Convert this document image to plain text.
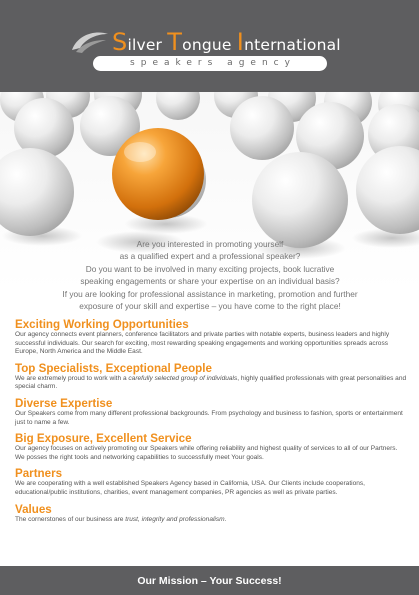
Silver Tongue International
speakers agency
Are you interested in promoting yourself
as a qualified expert and a professional speaker?
Do you want to be involved in many exciting projects, book lucrative
speaking engagements or share your expertise on an individual basis?
If you are looking for professional assistance in marketing, promotion and further
exposure of your skill and expertise – you have come to the right place!
Exciting Working Opportunities

Our agency connects event planners, conference facilitators and private parties with notable experts, business leaders and highly successful individuals. Our search for exciting, most rewarding speaking engagements and working opportunities spreads across Europe, North America and the Middle East.

Top Specialists, Exceptional People

We are extremely proud to work with a carefully selected group of individuals, highly qualified professionals with great personalities and special charm.

Diverse Expertise

Our Speakers come from many different professional backgrounds. From psychology and business to fashion, sports or entertainment just to name a few.

Big Exposure, Excellent Service

Our agency focuses on actively promoting our Speakers while offering reliability and highest quality of services to all of our Partners. We posses the right tools and networking capabilities to successfully meet Your goals.

Partners

We are cooperating with a well established Speakers Agency based in California, USA. Our Clients include cooperations, educational/public institutions, charities, event management companies, PR agencies as well as private parties.

Values

The cornerstones of our business are trust, integrity and professionalism.

Our Mission – Your Success!
